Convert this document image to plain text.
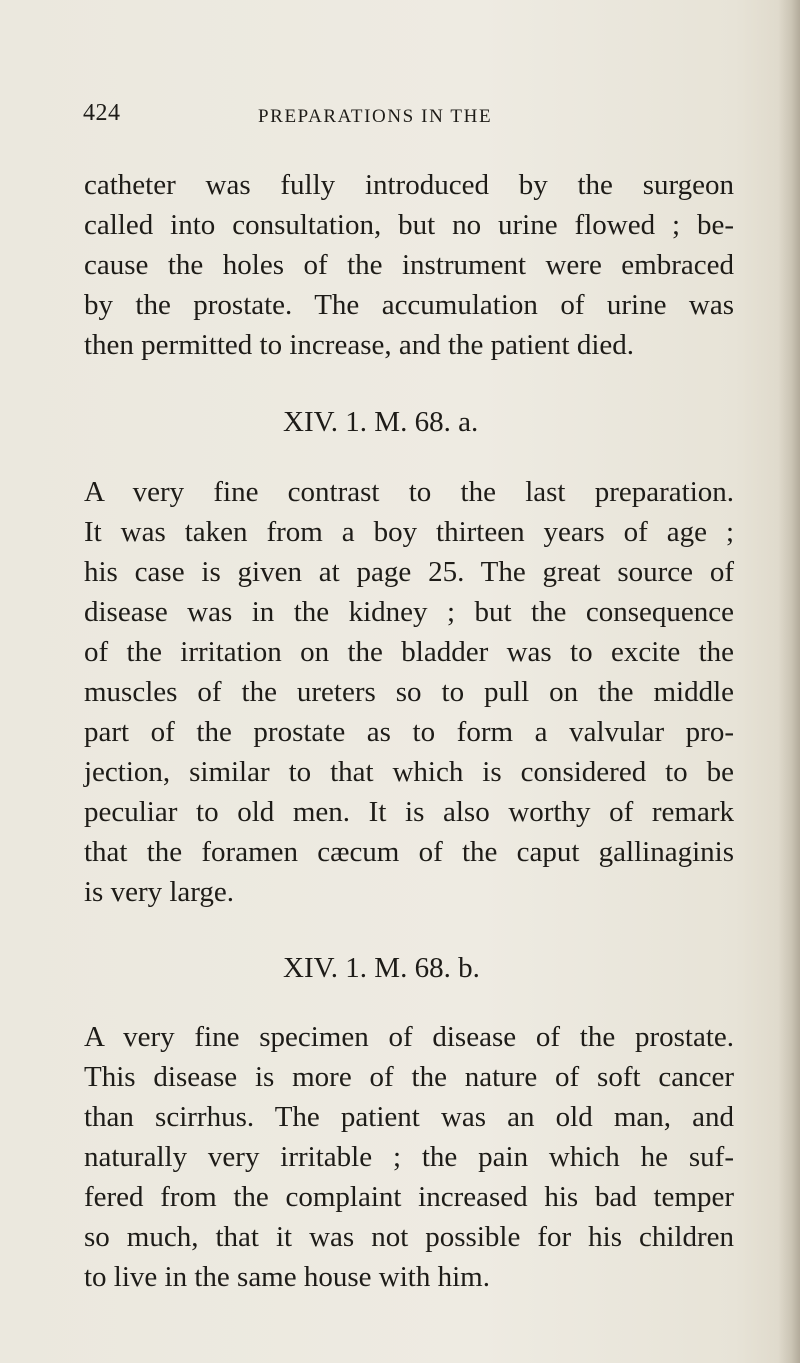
424	PREPARATIONS IN THE
catheter was fully introduced by the surgeon
called into consultation, but no urine flowed ; be-
cause the holes of the instrument were embraced
by the prostate. The accumulation of urine was
then permitted to increase, and the patient died.
XIV. 1. M. 68. a.
A very fine contrast to the last preparation.
It was taken from a boy thirteen years of age ;
his case is given at page 25. The great source of
disease was in the kidney ; but the consequence
of the irritation on the bladder was to excite the
muscles of the ureters so to pull on the middle
part of the prostate as to form a valvular pro-
jection, similar to that which is considered to be
peculiar to old men. It is also worthy of remark
that the foramen cæcum of the caput gallinaginis
is very large.
XIV. 1. M. 68. b.
A very fine specimen of disease of the prostate.
This disease is more of the nature of soft cancer
than scirrhus. The patient was an old man, and
naturally very irritable ; the pain which he suf-
fered from the complaint increased his bad temper
so much, that it was not possible for his children
to live in the same house with him.
